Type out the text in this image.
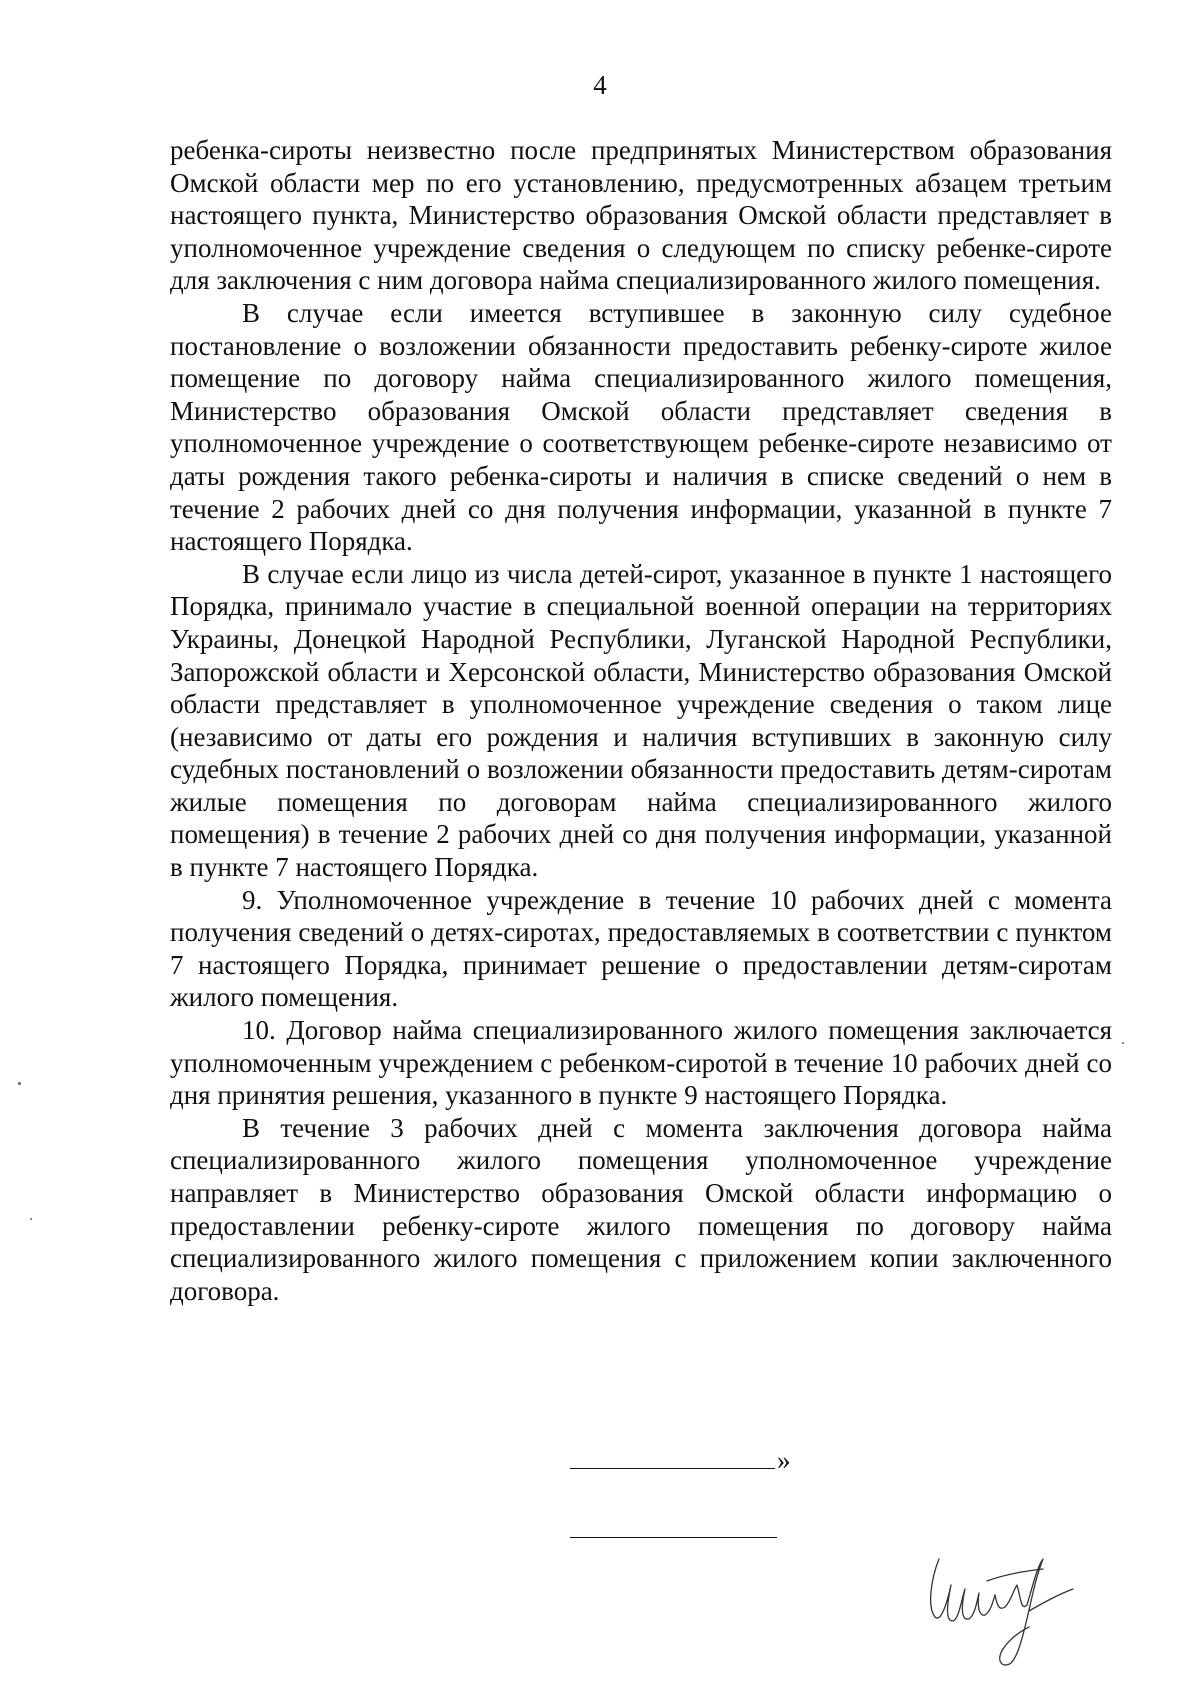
4

ребенка-сироты неизвестно после предпринятых Министерством образования Омской области мер по его установлению, предусмотренных абзацем третьим настоящего пункта, Министерство образования Омской области представляет в уполномоченное учреждение сведения о следующем по списку ребенке-сироте для заключения с ним договора найма специализированного жилого помещения.

В случае если имеется вступившее в законную силу судебное постановление о возложении обязанности предоставить ребенку-сироте жилое помещение по договору найма специализированного жилого помещения, Министерство образования Омской области представляет сведения в уполномоченное учреждение о соответствующем ребенке-сироте независимо от даты рождения такого ребенка-сироты и наличия в списке сведений о нем в течение 2 рабочих дней со дня получения информации, указанной в пункте 7 настоящего Порядка.

В случае если лицо из числа детей-сирот, указанное в пункте 1 настоящего Порядка, принимало участие в специальной военной операции на территориях Украины, Донецкой Народной Республики, Луганской Народной Республики, Запорожской области и Херсонской области, Министерство образования Омской области представляет в уполномоченное учреждение сведения о таком лице (независимо от даты его рождения и наличия вступивших в законную силу судебных постановлений о возложении обязанности предоставить детям-сиротам жилые помещения по договорам найма специализированного жилого помещения) в течение 2 рабочих дней со дня получения информации, указанной в пункте 7 настоящего Порядка.

9. Уполномоченное учреждение в течение 10 рабочих дней с момента получения сведений о детях-сиротах, предоставляемых в соответствии с пунктом 7 настоящего Порядка, принимает решение о предоставлении детям-сиротам жилого помещения.

10. Договор найма специализированного жилого помещения заключается уполномоченным учреждением с ребенком-сиротой в течение 10 рабочих дней со дня принятия решения, указанного в пункте 9 настоящего Порядка.

В течение 3 рабочих дней с момента заключения договора найма специализированного жилого помещения уполномоченное учреждение направляет в Министерство образования Омской области информацию о предоставлении ребенку-сироте жилого помещения по договору найма специализированного жилого помещения с приложением копии заключенного договора.

»
